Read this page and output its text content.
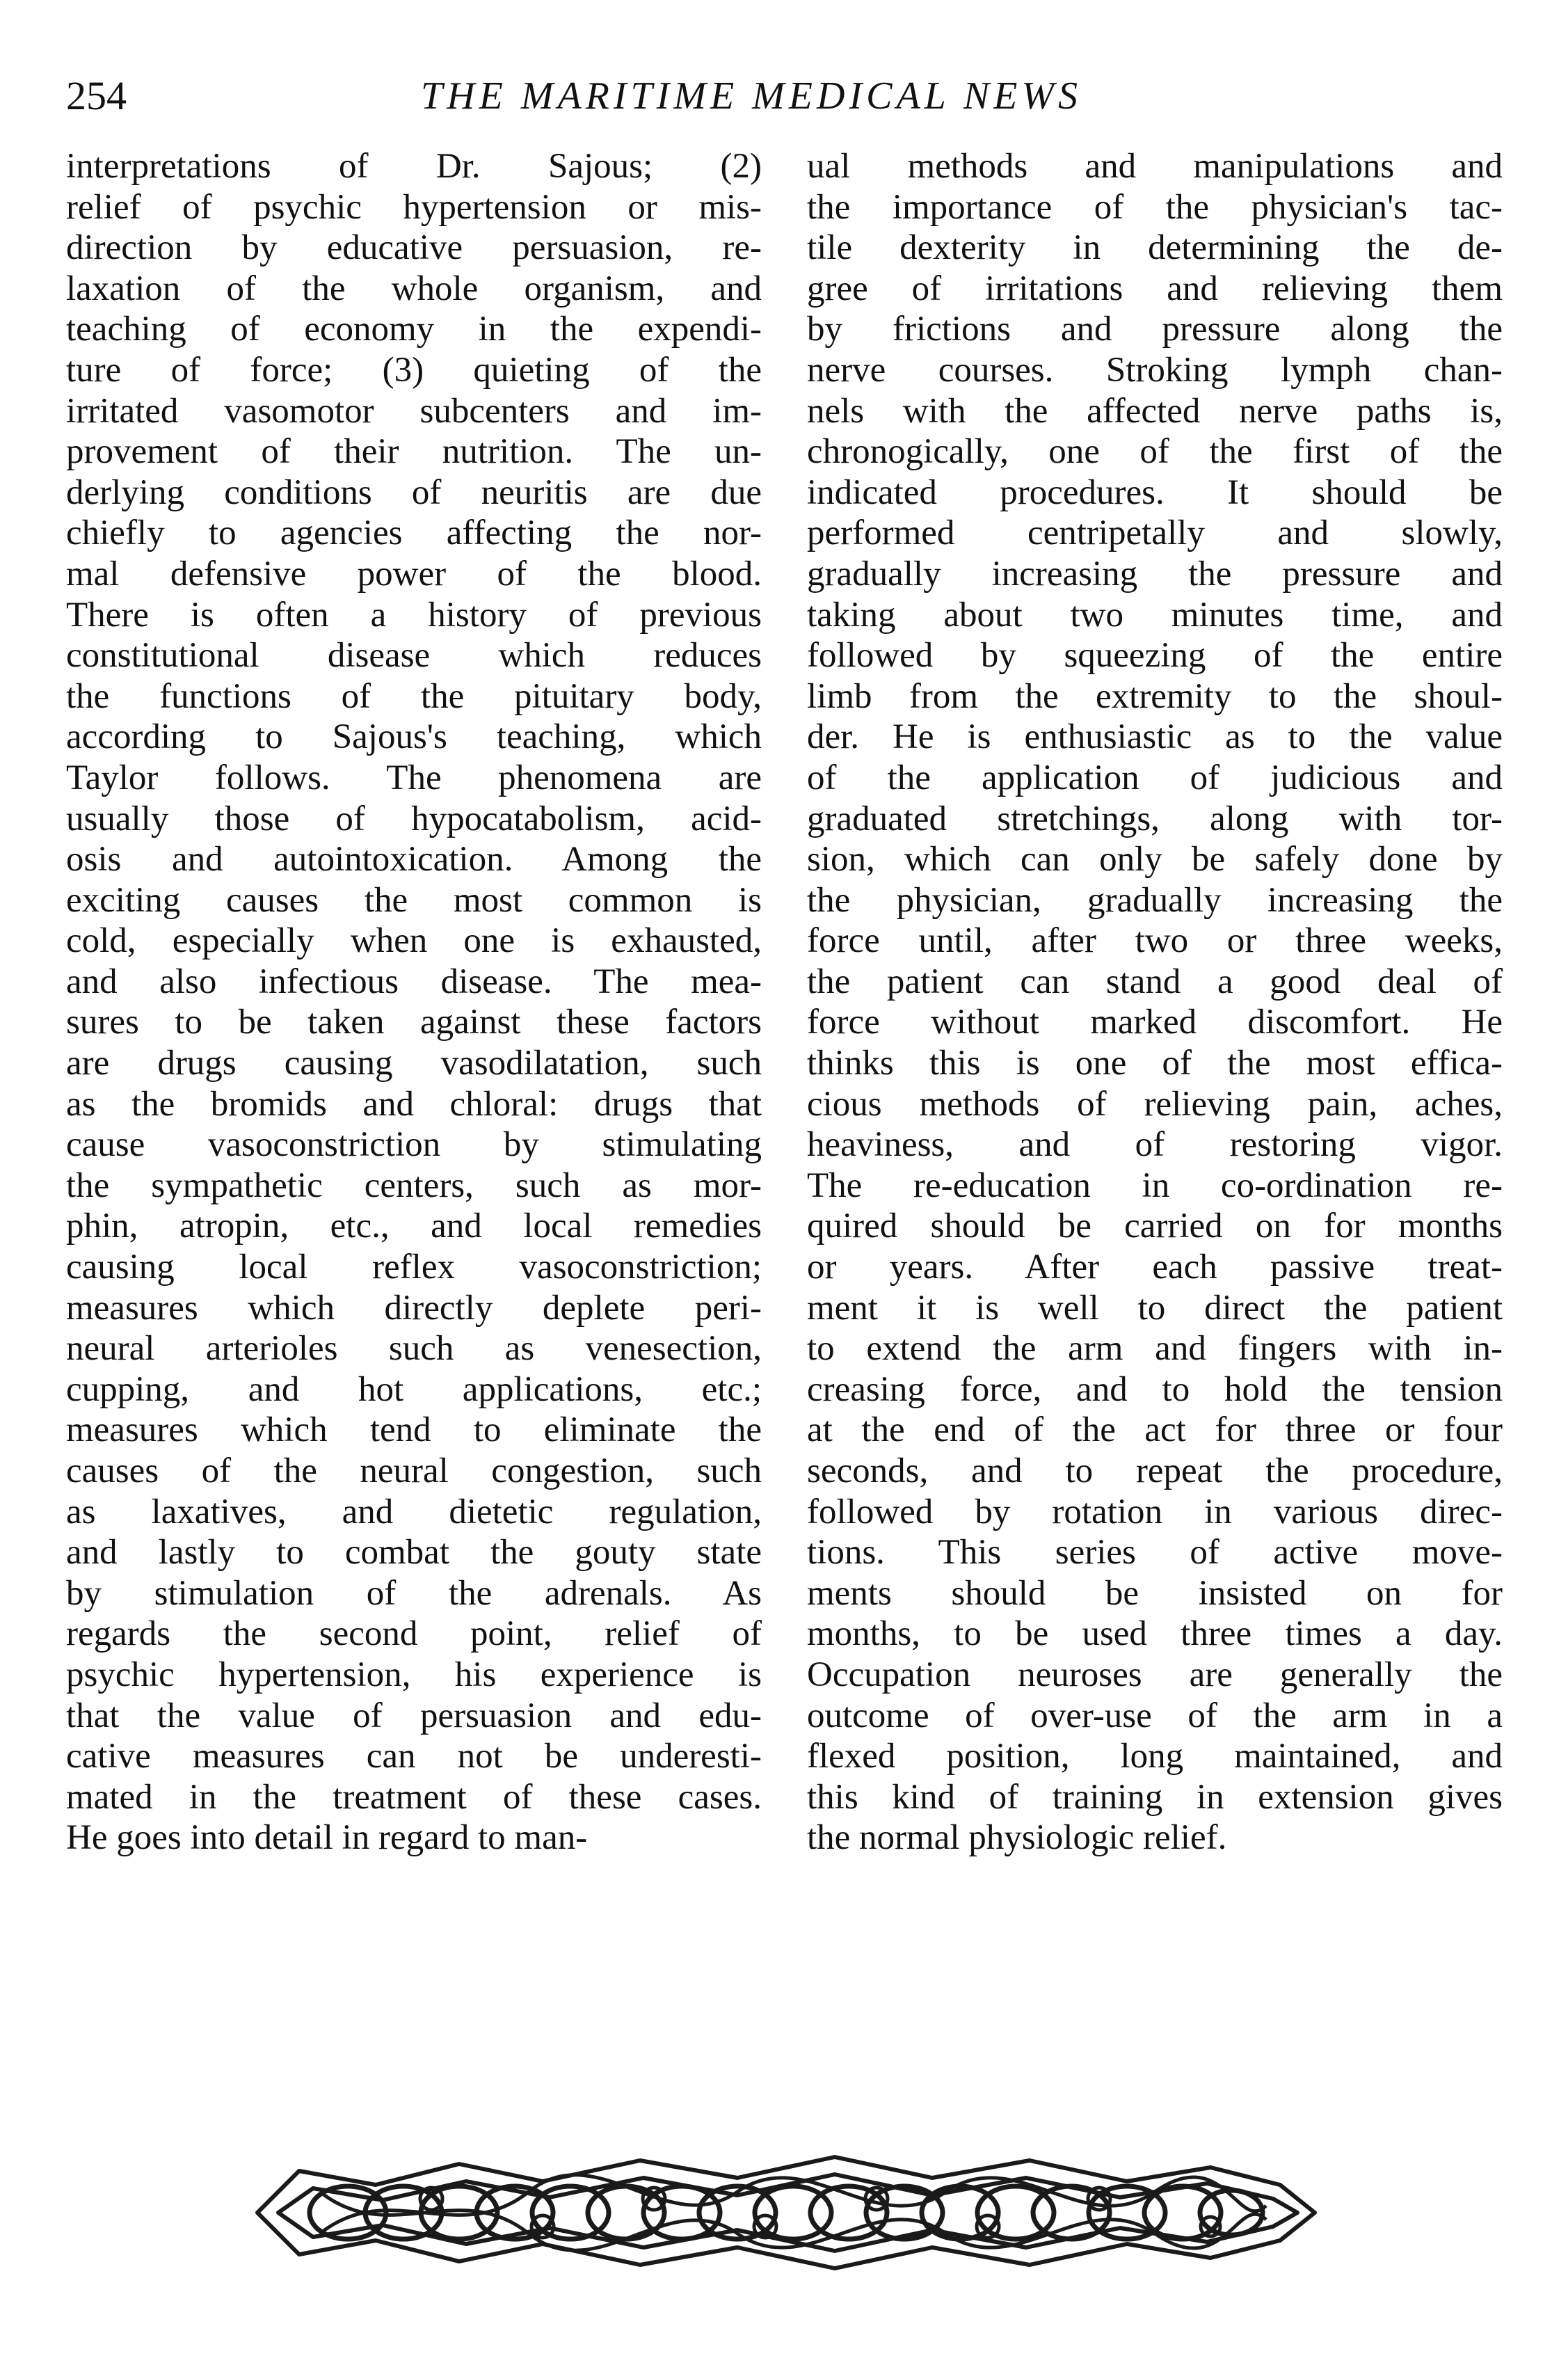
254	THE MARITIME MEDICAL NEWS
interpretations of Dr. Sajous; (2)
relief of psychic hypertension or mis-
direction by educative persuasion, re-
laxation of the whole organism, and
teaching of economy in the expendi-
ture of force; (3) quieting of the
irritated vasomotor subcenters and im-
provement of their nutrition. The un-
derlying conditions of neuritis are due
chiefly to agencies affecting the nor-
mal defensive power of the blood.
There is often a history of previous
constitutional disease which reduces
the functions of the pituitary body,
according to Sajous's teaching, which
Taylor follows. The phenomena are
usually those of hypocatabolism, acid-
osis and autointoxication. Among the
exciting causes the most common is
cold, especially when one is exhausted,
and also infectious disease. The mea-
sures to be taken against these factors
are drugs causing vasodilatation, such
as the bromids and chloral: drugs that
cause vasoconstriction by stimulating
the sympathetic centers, such as mor-
phin, atropin, etc., and local remedies
causing local reflex vasoconstriction;
measures which directly deplete peri-
neural arterioles such as venesection,
cupping, and hot applications, etc.;
measures which tend to eliminate the
causes of the neural congestion, such
as laxatives, and dietetic regulation,
and lastly to combat the gouty state
by stimulation of the adrenals. As
regards the second point, relief of
psychic hypertension, his experience is
that the value of persuasion and edu-
cative measures can not be underesti-
mated in the treatment of these cases.
He goes into detail in regard to man-
ual methods and manipulations and
the importance of the physician's tac-
tile dexterity in determining the de-
gree of irritations and relieving them
by frictions and pressure along the
nerve courses. Stroking lymph chan-
nels with the affected nerve paths is,
chronogically, one of the first of the
indicated procedures. It should be
performed centripetally and slowly,
gradually increasing the pressure and
taking about two minutes time, and
followed by squeezing of the entire
limb from the extremity to the shoul-
der. He is enthusiastic as to the value
of the application of judicious and
graduated stretchings, along with tor-
sion, which can only be safely done by
the physician, gradually increasing the
force until, after two or three weeks,
the patient can stand a good deal of
force without marked discomfort. He
thinks this is one of the most effica-
cious methods of relieving pain, aches,
heaviness, and of restoring vigor.
The re-education in co-ordination re-
quired should be carried on for months
or years. After each passive treat-
ment it is well to direct the patient
to extend the arm and fingers with in-
creasing force, and to hold the tension
at the end of the act for three or four
seconds, and to repeat the procedure,
followed by rotation in various direc-
tions. This series of active move-
ments should be insisted on for
months, to be used three times a day.
Occupation neuroses are generally the
outcome of over-use of the arm in a
flexed position, long maintained, and
this kind of training in extension gives
the normal physiologic relief.
